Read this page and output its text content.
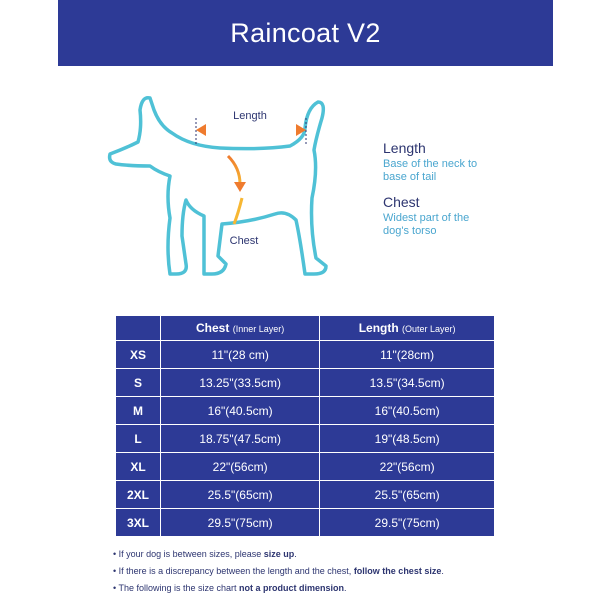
Raincoat V2
Length
Chest
Length
Base of the neck to
base of tail
Chest
Widest part of the
dog's torso
	Chest (Inner Layer)	Length (Outer Layer)
XS	11"(28 cm)	11"(28cm)
S	13.25"(33.5cm)	13.5"(34.5cm)
M	16"(40.5cm)	16"(40.5cm)
L	18.75"(47.5cm)	19"(48.5cm)
XL	22"(56cm)	22"(56cm)
2XL	25.5"(65cm)	25.5"(65cm)
3XL	29.5"(75cm)	29.5"(75cm)
• If your dog is between sizes, please size up.
• If there is a discrepancy between the length and the chest, follow the chest size.
• The following is the size chart not a product dimension.
